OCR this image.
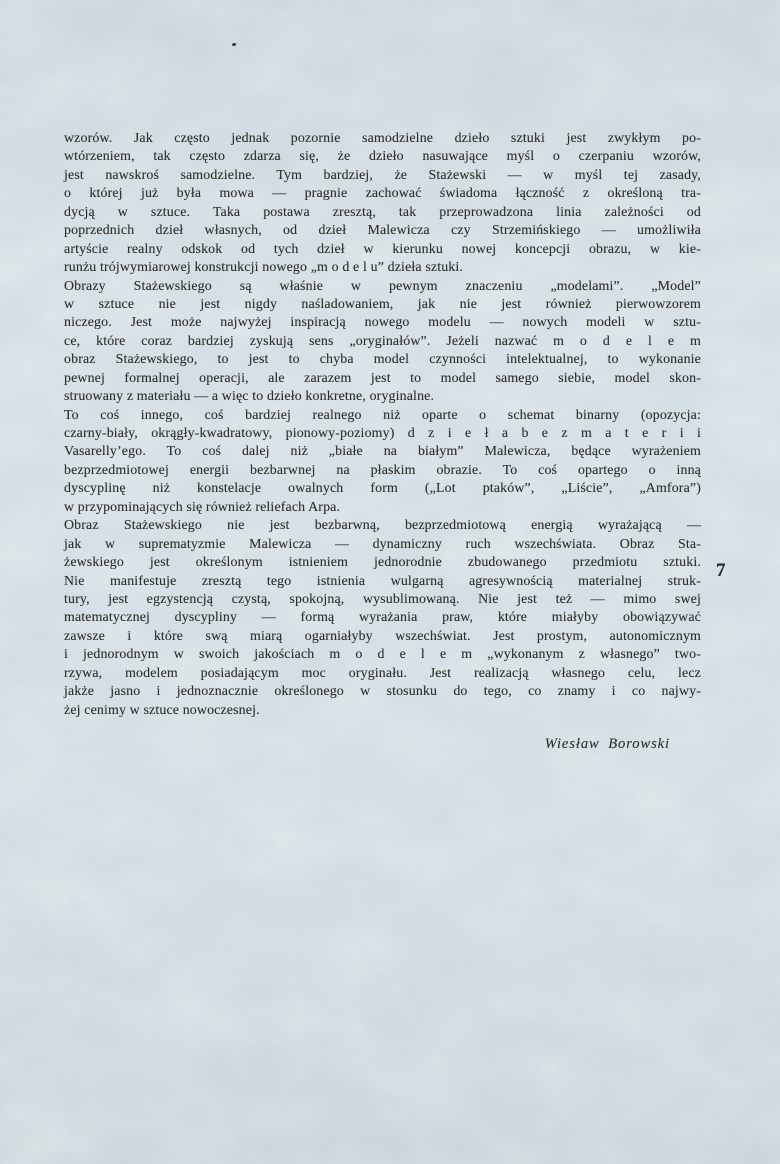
wzorów. Jak często jednak pozornie samodzielne dzieło sztuki jest zwykłym po-
wtórzeniem, tak często zdarza się, że dzieło nasuwające myśl o czerpaniu wzorów,
jest nawskroś samodzielne. Tym bardziej, że Stażewski — w myśl tej zasady,
o której już była mowa — pragnie zachować świadoma łączność z określoną tra-
dycją w sztuce. Taka postawa zresztą, tak przeprowadzona linia zależności od
poprzednich dzieł własnych, od dzieł Malewicza czy Strzemińskiego — umożliwiła
artyście realny odskok od tych dzieł w kierunku nowej koncepcji obrazu, w kie-
runżu trójwymiarowej konstrukcji nowego „m o d e l u” dzieła sztuki.
Obrazy Stażewskiego są właśnie w pewnym znaczeniu „modelami”. „Model”
w sztuce nie jest nigdy naśladowaniem, jak nie jest również pierwowzorem
niczego. Jest może najwyżej inspiracją nowego modelu — nowych modeli w sztu-
ce, które coraz bardziej zyskują sens „oryginałów”. Jeżeli nazwać m o d e l e m
obraz Stażewskiego, to jest to chyba model czynności intelektualnej, to wykonanie
pewnej formalnej operacji, ale zarazem jest to model samego siebie, model skon-
struowany z materiału — a więc to dzieło konkretne, oryginalne.
To coś innego, coś bardziej realnego niż oparte o schemat binarny (opozycja:
czarny-biały, okrągły-kwadratowy, pionowy-poziomy) d z i e ł a b e z m a t e r i i
Vasarelly’ego. To coś dalej niż „białe na białym” Malewicza, będące wyrażeniem
bezprzedmiotowej energii bezbarwnej na płaskim obrazie. To coś opartego o inną
dyscyplinę niż konstelacje owalnych form („Lot ptaków”, „Liście”, „Amfora”)
w przypominających się również reliefach Arpa.
Obraz Stażewskiego nie jest bezbarwną, bezprzedmiotową energią wyrażającą —
jak w suprematyzmie Malewicza — dynamiczny ruch wszechświata. Obraz Sta-
żewskiego jest określonym istnieniem jednorodnie zbudowanego przedmiotu sztuki.
Nie manifestuje zresztą tego istnienia wulgarną agresywnością materialnej struk-
tury, jest egzystencją czystą, spokojną, wysublimowaną. Nie jest też — mimo swej
matematycznej dyscypliny — formą wyrażania praw, które miałyby obowiązywać
zawsze i które swą miarą ogarniałyby wszechświat. Jest prostym, autonomicznym
i jednorodnym w swoich jakościach m o d e l e m „wykonanym z własnego” two-
rzywa, modelem posiadającym moc oryginału. Jest realizacją własnego celu, lecz
jakże jasno i jednoznacznie określonego w stosunku do tego, co znamy i co najwy-
żej cenimy w sztuce nowoczesnej.
Wiesław Borowski
7
